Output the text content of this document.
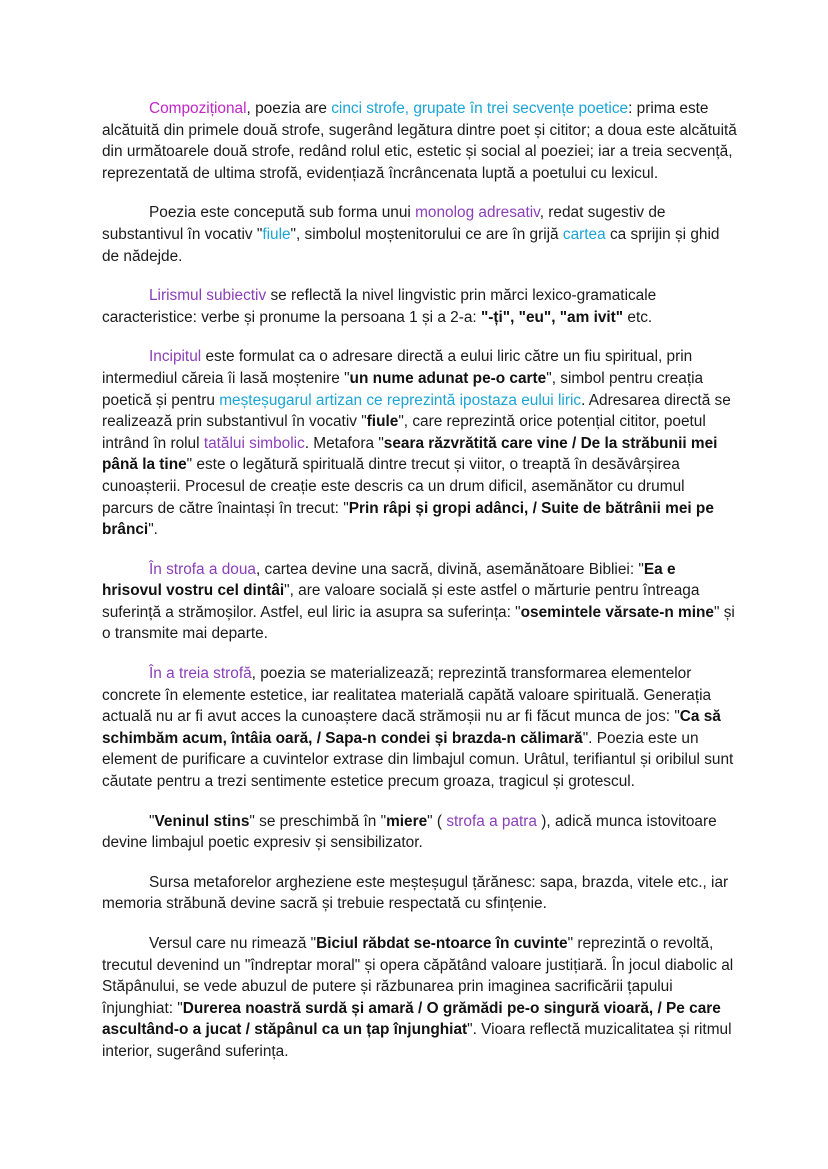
Compozițional, poezia are cinci strofe, grupate în trei secvențe poetice: prima este alcătuită din primele două strofe, sugerând legătura dintre poet și cititor; a doua este alcătuită din următoarele două strofe, redând rolul etic, estetic și social al poeziei; iar a treia secvență, reprezentată de ultima strofă, evidențiază încrâncenata luptă a poetului cu lexicul.

Poezia este concepută sub forma unui monolog adresativ, redat sugestiv de substantivul în vocativ "fiule", simbolul moștenitorului ce are în grijă cartea ca sprijin și ghid de nădejde.

Lirismul subiectiv se reflectă la nivel lingvistic prin mărci lexico-gramaticale caracteristice: verbe și pronume la persoana 1 și a 2-a: "-ți", "eu", "am ivit" etc.

Incipitul este formulat ca o adresare directă a eului liric către un fiu spiritual, prin intermediul căreia îi lasă moștenire "un nume adunat pe-o carte", simbol pentru creația poetică și pentru meșteșugarul artizan ce reprezintă ipostaza eului liric. Adresarea directă se realizează prin substantivul în vocativ "fiule", care reprezintă orice potențial cititor, poetul intrând în rolul tatălui simbolic. Metafora "seara răzvrătită care vine / De la străbunii mei până la tine" este o legătură spirituală dintre trecut și viitor, o treaptă în desăvârșirea cunoașterii. Procesul de creație este descris ca un drum dificil, asemănător cu drumul parcurs de către înaintași în trecut: "Prin râpi și gropi adânci, / Suite de bătrânii mei pe brânci".

În strofa a doua, cartea devine una sacră, divină, asemănătoare Bibliei: "Ea e hrisovul vostru cel dintâi", are valoare socială și este astfel o mărturie pentru întreaga suferință a strămoșilor. Astfel, eul liric ia asupra sa suferința: "osemintele vărsate-n mine" și o transmite mai departe.

În a treia strofă, poezia se materializează; reprezintă transformarea elementelor concrete în elemente estetice, iar realitatea materială capătă valoare spirituală. Generația actuală nu ar fi avut acces la cunoaștere dacă strămoșii nu ar fi făcut munca de jos: "Ca să schimbăm acum, întâia oară, / Sapa-n condei și brazda-n călimară". Poezia este un element de purificare a cuvintelor extrase din limbajul comun. Urâtul, terifiantul și oribilul sunt căutate pentru a trezi sentimente estetice precum groaza, tragicul și grotescul.

"Veninul stins" se preschimbă în "miere" ( strofa a patra ), adică munca istovitoare devine limbajul poetic expresiv și sensibilizator.

Sursa metaforelor argheziene este meșteșugul țărănesc: sapa, brazda, vitele etc., iar memoria străbună devine sacră și trebuie respectată cu sfințenie.

Versul care nu rimează "Biciul răbdat se-ntoarce în cuvinte" reprezintă o revoltă, trecutul devenind un "îndreptar moral" și opera căpătând valoare justițiară. În jocul diabolic al Stăpânului, se vede abuzul de putere și răzbunarea prin imaginea sacrificării țapului înjunghiat: "Durerea noastră surdă și amară / O grămădi pe-o singură vioară, / Pe care ascultând-o a jucat / stăpânul ca un țap înjunghiat". Vioara reflectă muzicalitatea și ritmul interior, sugerând suferința.
